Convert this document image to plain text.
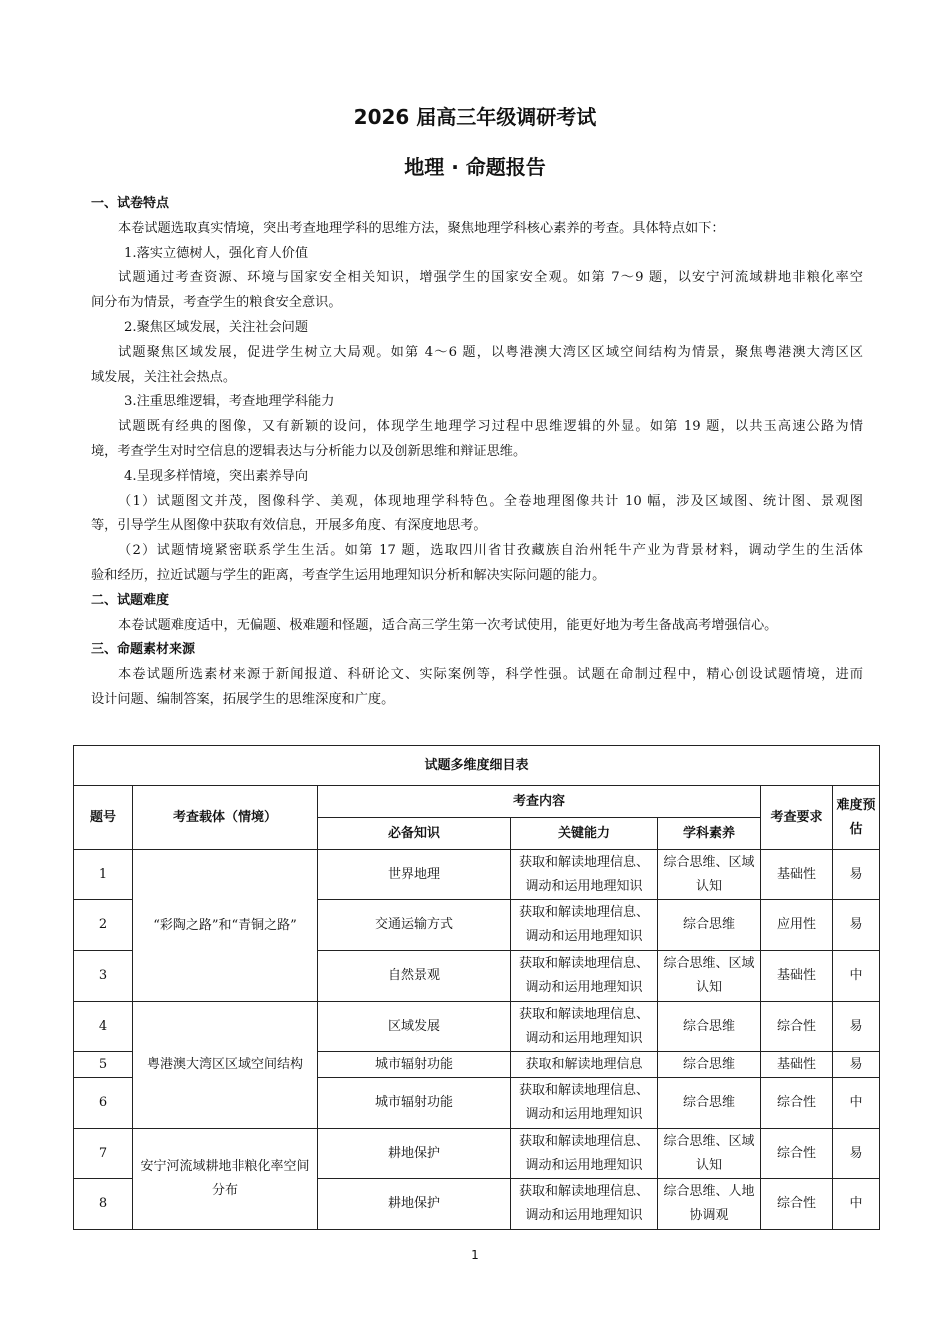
2026 届高三年级调研考试
地理 · 命题报告
一、试卷特点
本卷试题选取真实情境，突出考查地理学科的思维方法，聚焦地理学科核心素养的考查。具体特点如下：
1.落实立德树人，强化育人价值
试题通过考查资源、环境与国家安全相关知识，增强学生的国家安全观。如第 7～9 题，以安宁河流域耕地非粮化率空
间分布为情景，考查学生的粮食安全意识。
2.聚焦区域发展，关注社会问题
试题聚焦区域发展，促进学生树立大局观。如第 4～6 题，以粤港澳大湾区区域空间结构为情景，聚焦粤港澳大湾区区
域发展，关注社会热点。
3.注重思维逻辑，考查地理学科能力
试题既有经典的图像，又有新颖的设问，体现学生地理学习过程中思维逻辑的外显。如第 19 题，以共玉高速公路为情
境，考查学生对时空信息的逻辑表达与分析能力以及创新思维和辩证思维。
4.呈现多样情境，突出素养导向
（1）试题图文并茂，图像科学、美观，体现地理学科特色。全卷地理图像共计 10 幅，涉及区域图、统计图、景观图
等，引导学生从图像中获取有效信息，开展多角度、有深度地思考。
（2）试题情境紧密联系学生生活。如第 17 题，选取四川省甘孜藏族自治州牦牛产业为背景材料，调动学生的生活体
验和经历，拉近试题与学生的距离，考查学生运用地理知识分析和解决实际问题的能力。
二、试题难度
本卷试题难度适中，无偏题、极难题和怪题，适合高三学生第一次考试使用，能更好地为考生备战高考增强信心。
三、命题素材来源
本卷试题所选素材来源于新闻报道、科研论文、实际案例等，科学性强。试题在命制过程中，精心创设试题情境，进而
设计问题、编制答案，拓展学生的思维深度和广度。
试题多维度细目表						
题号	考查载体（情境）	考查内容			考查要求	难度预估
		必备知识	关键能力	学科素养		
1	“彩陶之路”和“青铜之路”	世界地理	获取和解读地理信息、调动和运用地理知识	综合思维、区域认知	基础性	易
2		交通运输方式	获取和解读地理信息、调动和运用地理知识	综合思维	应用性	易
3		自然景观	获取和解读地理信息、调动和运用地理知识	综合思维、区域认知	基础性	中
4	粤港澳大湾区区域空间结构	区域发展	获取和解读地理信息、调动和运用地理知识	综合思维	综合性	易
5		城市辐射功能	获取和解读地理信息	综合思维	基础性	易
6		城市辐射功能	获取和解读地理信息、调动和运用地理知识	综合思维	综合性	中
7	安宁河流域耕地非粮化率空间分布	耕地保护	获取和解读地理信息、调动和运用地理知识	综合思维、区域认知	综合性	易
8		耕地保护	获取和解读地理信息、调动和运用地理知识	综合思维、人地协调观	综合性	中
1
